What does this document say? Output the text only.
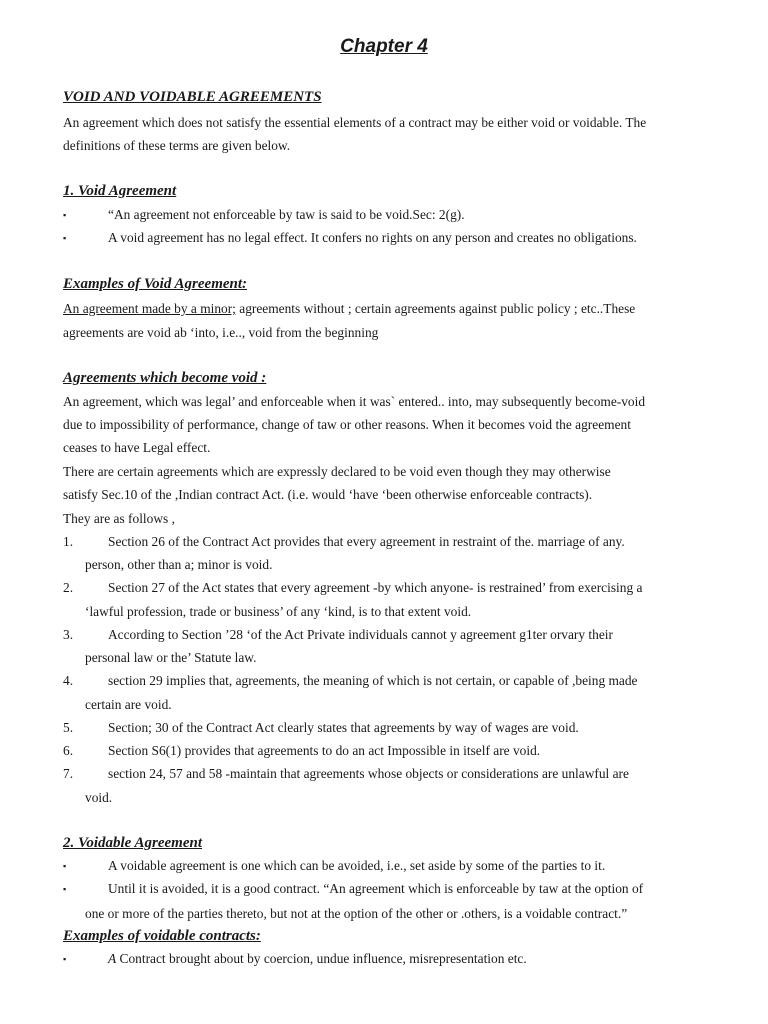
Chapter 4
VOID AND VOIDABLE AGREEMENTS
An agreement which does not satisfy the essential elements of a contract may be either void or voidable. The
definitions of these terms are given below.
1. Void Agreement
▪	“An agreement not enforceable by taw is said to be void.Sec: 2(g).
▪	A void agreement has no legal effect. It confers no rights on any person and creates no obligations.
Examples of Void Agreement:
An agreement made by a minor; agreements without ; certain agreements against public policy ; etc..These
agreements are void ab ‘into, i.e.., void from the beginning
Agreements which become void :
An agreement, which was legal’ and enforceable when it was` entered.. into, may subsequently become-void
due to impossibility of performance, change of taw or other reasons. When it becomes void the agreement
ceases to have Legal effect.
There are certain agreements which are expressly declared to be void even though they may otherwise
satisfy Sec.10 of the ,Indian contract Act. (i.e. would ‘have ‘been otherwise enforceable contracts).
They are as follows ,
1.	Section 26 of the Contract Act provides that every agreement in restraint of the. marriage of any.
person, other than a; minor is void.
2.	Section 27 of the Act states that every agreement -by which anyone- is restrained’ from exercising a
‘lawful profession, trade or business’ of any ‘kind, is to that extent void.
3.	According to Section ’28 ‘of the Act Private individuals cannot y agreement g1ter orvary their
personal law or the’ Statute law.
4.	section 29 implies that, agreements, the meaning of which is not certain, or capable of ,being made
certain are void.
5.	Section; 30 of the Contract Act clearly states that agreements by way of wages are void.
6.	Section S6(1) provides that agreements to do an act Impossible in itself are void.
7.	section 24, 57 and 58 -maintain that agreements whose objects or considerations are unlawful are
void.
2. Voidable Agreement
▪	A voidable agreement is one which can be avoided, i.e., set aside by some of the parties to it.
▪	Until it is avoided, it is a good contract. “An agreement which is enforceable by taw at the option of
one or more of the parties thereto, but not at the option of the other or .others, is a voidable contract.”
Examples of voidable contracts:
▪	A Contract brought about by coercion, undue influence, misrepresentation etc.
